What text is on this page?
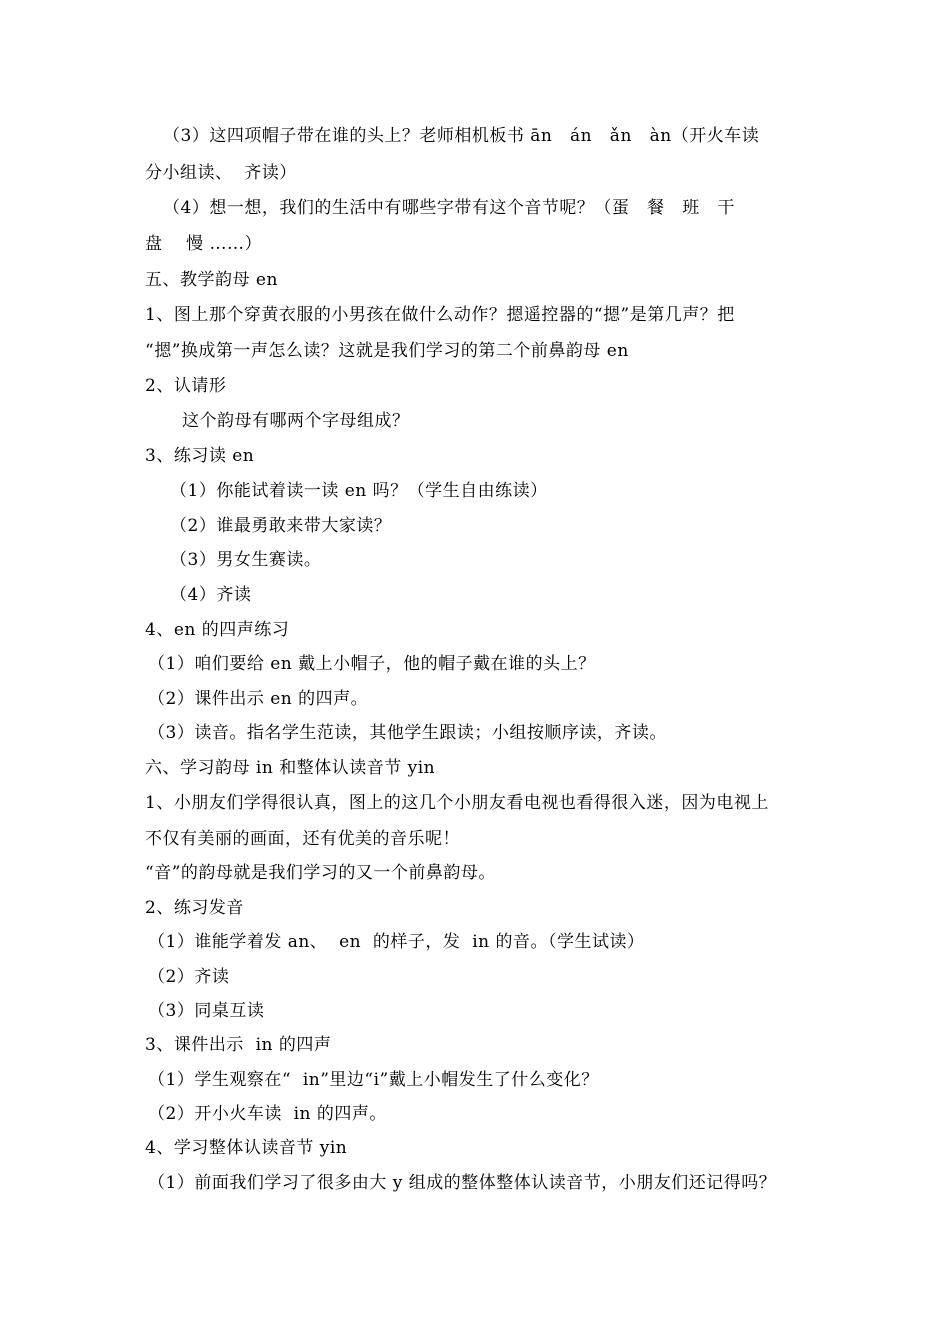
（3）这四项帽子带在谁的头上？老师相机板书 ān   án   ǎn   àn（开火车读
分小组读、  齐读）
（4）想一想，我们的生活中有哪些字带有这个音节呢？（蛋   餐   班   干
盘    慢 ……）
五、教学韵母 en
1、图上那个穿黄衣服的小男孩在做什么动作？摁遥控器的“摁”是第几声？把
“摁”换成第一声怎么读？这就是我们学习的第二个前鼻韵母 en
2、认请形
这个韵母有哪两个字母组成？
3、练习读 en
（1）你能试着读一读 en 吗？（学生自由练读）
（2）谁最勇敢来带大家读？
（3）男女生赛读。
（4）齐读
4、en 的四声练习
（1）咱们要给 en 戴上小帽子，他的帽子戴在谁的头上？
（2）课件出示 en 的四声。
（3）读音。指名学生范读，其他学生跟读；小组按顺序读，齐读。
六、学习韵母 in 和整体认读音节 yin
1、小朋友们学得很认真，图上的这几个小朋友看电视也看得很入迷，因为电视上
不仅有美丽的画面，还有优美的音乐呢！
“音”的韵母就是我们学习的又一个前鼻韵母。
2、练习发音
（1）谁能学着发 an、  en  的样子，发  in 的音。（学生试读）
（2）齐读
（3）同桌互读
3、课件出示  in 的四声
（1）学生观察在“  in”里边“i”戴上小帽发生了什么变化？
（2）开小火车读  in 的四声。
4、学习整体认读音节 yin
（1）前面我们学习了很多由大 y 组成的整体整体认读音节，小朋友们还记得吗？
